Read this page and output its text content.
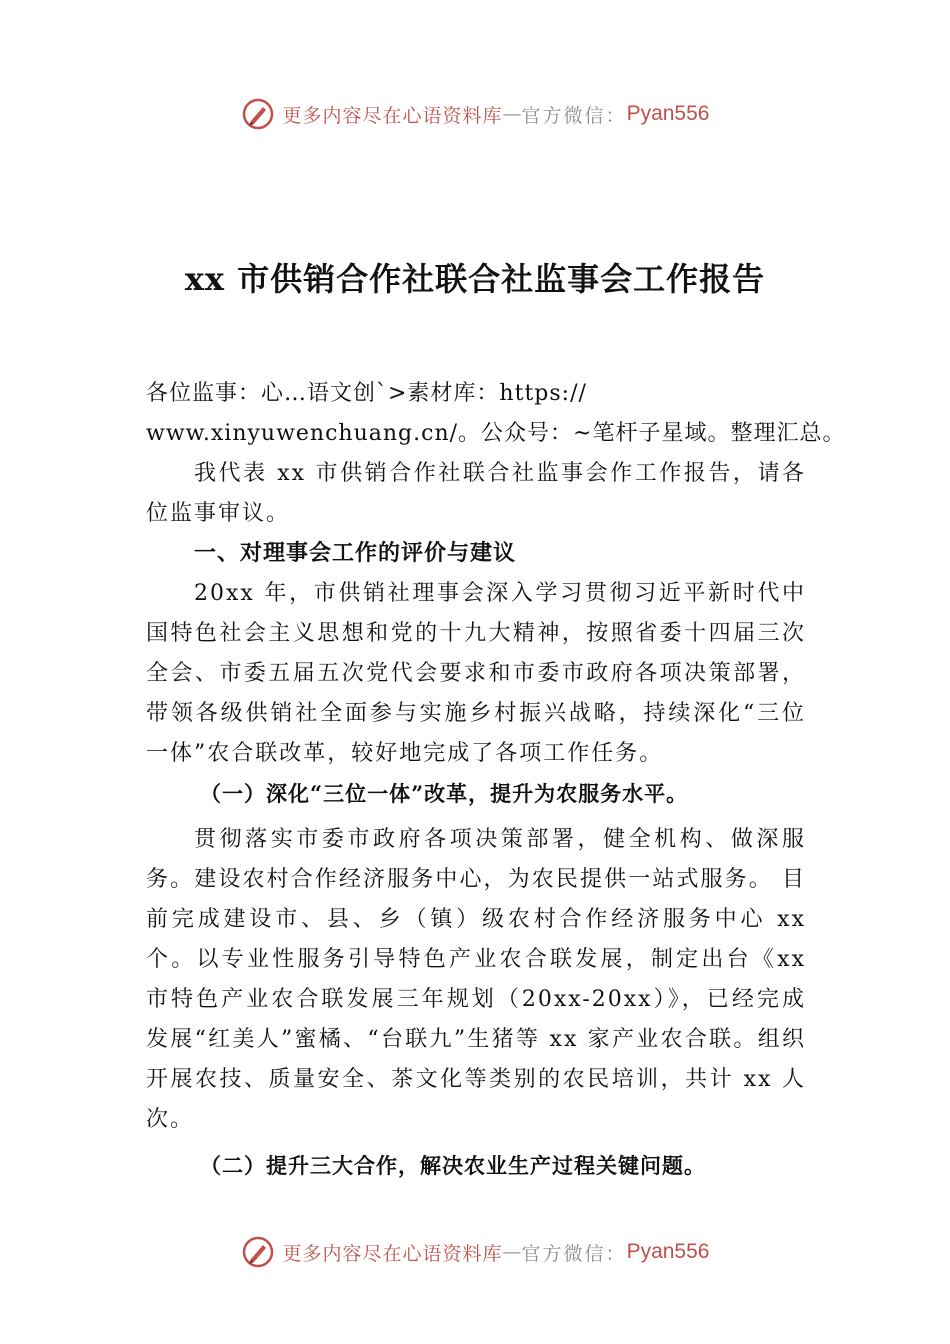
更多内容尽在心语资料库 — 官方微信： Pyan556
xx 市供销合作社联合社监事会工作报告

各位监事：心…语文创`>素材库：https://

www.xinyuwenchuang.cn/。公众号：~笔杆子星域。整理汇总。

我代表 xx 市供销合作社联合社监事会作工作报告，请各位监事审议。

一、对理事会工作的评价与建议

20xx 年，市供销社理事会深入学习贯彻习近平新时代中国特色社会主义思想和党的十九大精神，按照省委十四届三次全会、市委五届五次党代会要求和市委市政府各项决策部署，带领各级供销社全面参与实施乡村振兴战略，持续深化“三位一体”农合联改革，较好地完成了各项工作任务。

（一）深化“三位一体”改革，提升为农服务水平。

贯彻落实市委市政府各项决策部署，健全机构、做深服务。建设农村合作经济服务中心，为农民提供一站式服务。 目前完成建设市、县、乡（镇）级农村合作经济服务中心 xx 个。以专业性服务引导特色产业农合联发展，制定出台《xx 市特色产业农合联发展三年规划（20xx-20xx）》，已经完成发展“红美人”蜜橘、“台联九”生猪等 xx 家产业农合联。组织开展农技、质量安全、茶文化等类别的农民培训，共计 xx 人次。

（二）提升三大合作，解决农业生产过程关键问题。

更多内容尽在心语资料库 — 官方微信： Pyan556
